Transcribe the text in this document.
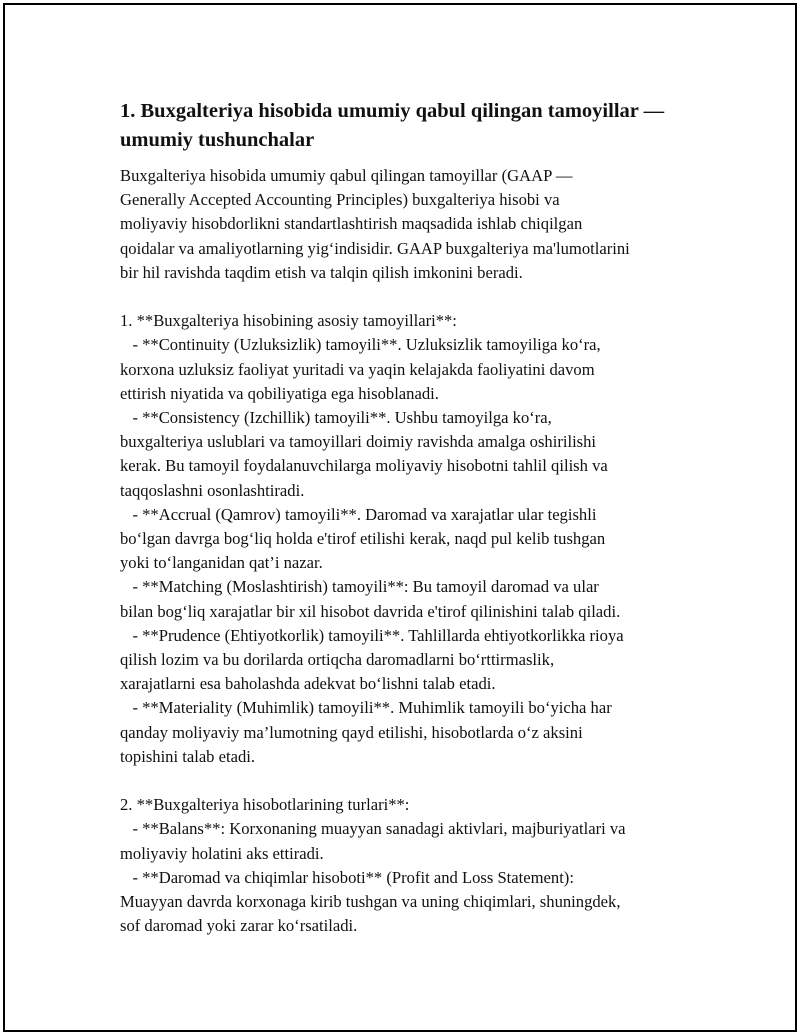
1. Buxgalteriya hisobida umumiy qabul qilingan tamoyillar —
umumiy tushunchalar

Buxgalteriya hisobida umumiy qabul qilingan tamoyillar (GAAP —
Generally Accepted Accounting Principles) buxgalteriya hisobi va
moliyaviy hisobdorlikni standartlashtirish maqsadida ishlab chiqilgan
qoidalar va amaliyotlarning yig‘indisidir. GAAP buxgalteriya ma'lumotlarini
bir hil ravishda taqdim etish va talqin qilish imkonini beradi.

1. **Buxgalteriya hisobining asosiy tamoyillari**:
- **Continuity (Uzluksizlik) tamoyili**. Uzluksizlik tamoyiliga ko‘ra,
korxona uzluksiz faoliyat yuritadi va yaqin kelajakda faoliyatini davom
ettirish niyatida va qobiliyatiga ega hisoblanadi.
- **Consistency (Izchillik) tamoyili**. Ushbu tamoyilga ko‘ra,
buxgalteriya uslublari va tamoyillari doimiy ravishda amalga oshirilishi
kerak. Bu tamoyil foydalanuvchilarga moliyaviy hisobotni tahlil qilish va
taqqoslashni osonlashtiradi.
- **Accrual (Qamrov) tamoyili**. Daromad va xarajatlar ular tegishli
bo‘lgan davrga bog‘liq holda e'tirof etilishi kerak, naqd pul kelib tushgan
yoki to‘langanidan qat’i nazar.
- **Matching (Moslashtirish) tamoyili**: Bu tamoyil daromad va ular
bilan bog‘liq xarajatlar bir xil hisobot davrida e'tirof qilinishini talab qiladi.
- **Prudence (Ehtiyotkorlik) tamoyili**. Tahlillarda ehtiyotkorlikka rioya
qilish lozim va bu dorilarda ortiqcha daromadlarni bo‘rttirmaslik,
xarajatlarni esa baholashda adekvat bo‘lishni talab etadi.
- **Materiality (Muhimlik) tamoyili**. Muhimlik tamoyili bo‘yicha har
qanday moliyaviy ma’lumotning qayd etilishi, hisobotlarda o‘z aksini
topishini talab etadi.

2. **Buxgalteriya hisobotlarining turlari**:
- **Balans**: Korxonaning muayyan sanadagi aktivlari, majburiyatlari va
moliyaviy holatini aks ettiradi.
- **Daromad va chiqimlar hisoboti** (Profit and Loss Statement):
Muayyan davrda korxonaga kirib tushgan va uning chiqimlari, shuningdek,
sof daromad yoki zarar ko‘rsatiladi.
